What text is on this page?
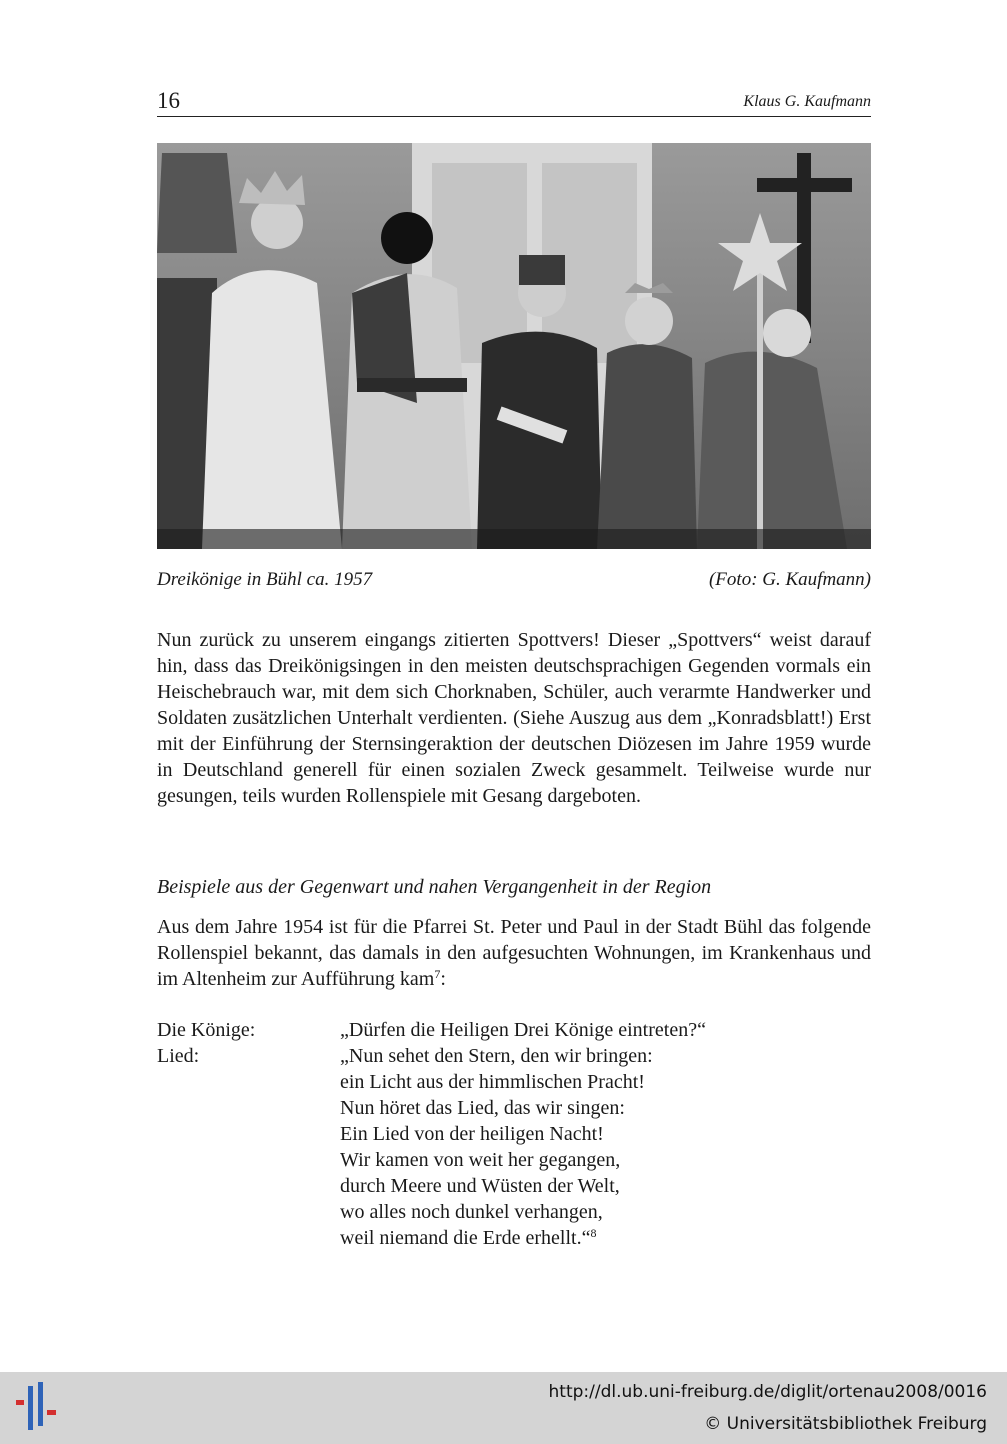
16	Klaus G. Kaufmann
Dreikönige in Bühl ca. 1957	(Foto: G. Kaufmann)

Nun zurück zu unserem eingangs zitierten Spottvers! Dieser „Spottvers“ weist darauf hin, dass das Dreikönigsingen in den meisten deutschsprachigen Gegenden vormals ein Heischebrauch war, mit dem sich Chorknaben, Schüler, auch verarmte Handwerker und Soldaten zusätzlichen Unterhalt verdienten. (Siehe Auszug aus dem „Konradsblatt!) Erst mit der Einführung der Sternsingeraktion der deutschen Diözesen im Jahre 1959 wurde in Deutschland generell für einen sozialen Zweck gesammelt. Teilweise wurde nur gesungen, teils wurden Rollenspiele mit Gesang dargeboten.

Beispiele aus der Gegenwart und nahen Vergangenheit in der Region

Aus dem Jahre 1954 ist für die Pfarrei St. Peter und Paul in der Stadt Bühl das folgende Rollenspiel bekannt, das damals in den aufgesuchten Wohnungen, im Krankenhaus und im Altenheim zur Aufführung kam$^7$:

Die Könige:	„Dürfen die Heiligen Drei Könige eintreten?“
Lied:	„Nun sehet den Stern, den wir bringen:
ein Licht aus der himmlischen Pracht!
Nun höret das Lied, das wir singen:
Ein Lied von der heiligen Nacht!
Wir kamen von weit her gegangen,
durch Meere und Wüsten der Welt,
wo alles noch dunkel verhangen,
weil niemand die Erde erhellt.“$^8$
http://dl.ub.uni-freiburg.de/diglit/ortenau2008/0016
© Universitätsbibliothek Freiburg
